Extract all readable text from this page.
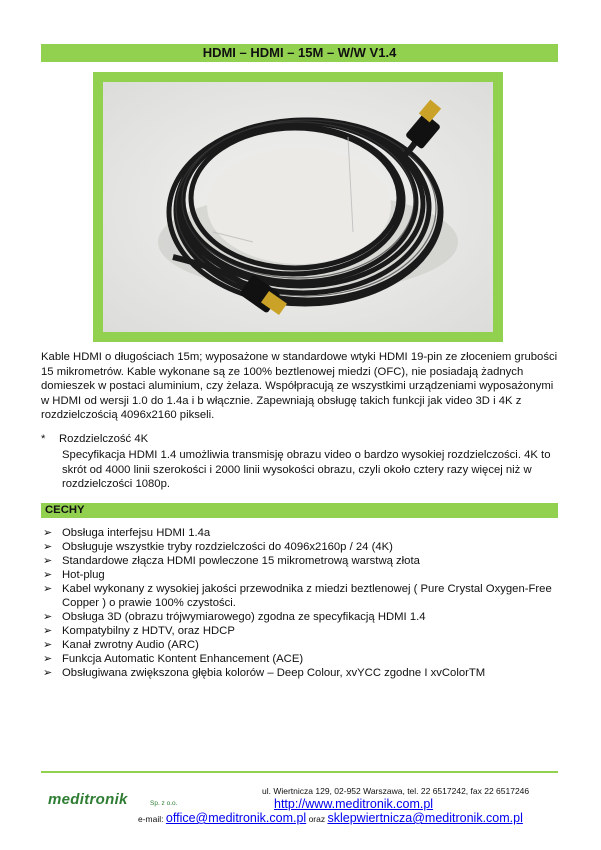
HDMI – HDMI – 15M – W/W V1.4
Kable HDMI o długościach 15m; wyposażone w standardowe wtyki HDMI 19-pin ze złoceniem grubości 15 mikrometrów. Kable wykonane są ze 100% beztlenowej miedzi (OFC), nie posiadają żadnych domieszek w postaci aluminium, czy żelaza. Współpracują ze wszystkimi urządzeniami wyposażonymi w HDMI od wersji 1.0 do 1.4a i b włącznie. Zapewniają obsługę takich funkcji jak video 3D i 4K z rozdzielczością 4096x2160 pikseli.
* Rozdzielczość 4K
Specyfikacja HDMI 1.4 umożliwia transmisję obrazu video o bardzo wysokiej rozdzielczości. 4K to skrót od 4000 linii szerokości i 2000 linii wysokości obrazu, czyli około cztery razy więcej niż w rozdzielczości 1080p.
CECHY
➢ Obsługa interfejsu HDMI 1.4a
➢ Obsługuje wszystkie tryby rozdzielczości do 4096x2160p / 24 (4K)
➢ Standardowe złącza HDMI powleczone 15 mikrometrową warstwą złota
➢ Hot-plug
➢ Kabel wykonany z wysokiej jakości przewodnika z miedzi beztlenowej ( Pure Crystal Oxygen-Free Copper ) o prawie 100% czystości.
➢ Obsługa 3D (obrazu trójwymiarowego) zgodna ze specyfikacją HDMI 1.4
➢ Kompatybilny z HDTV, oraz HDCP
➢ Kanał zwrotny Audio (ARC)
➢ Funkcja Automatic Kontent Enhancement (ACE)
➢ Obsługiwana zwiększona głębia kolorów – Deep Colour, xvYCC zgodne I xvColorTM
meditronik	Sp. z o.o.
ul. Wiertnicza 129, 02-952 Warszawa, tel. 22 6517242, fax 22 6517246
http://www.meditronik.com.pl
e-mail: office@meditronik.com.pl oraz sklepwiertnicza@meditronik.com.pl
